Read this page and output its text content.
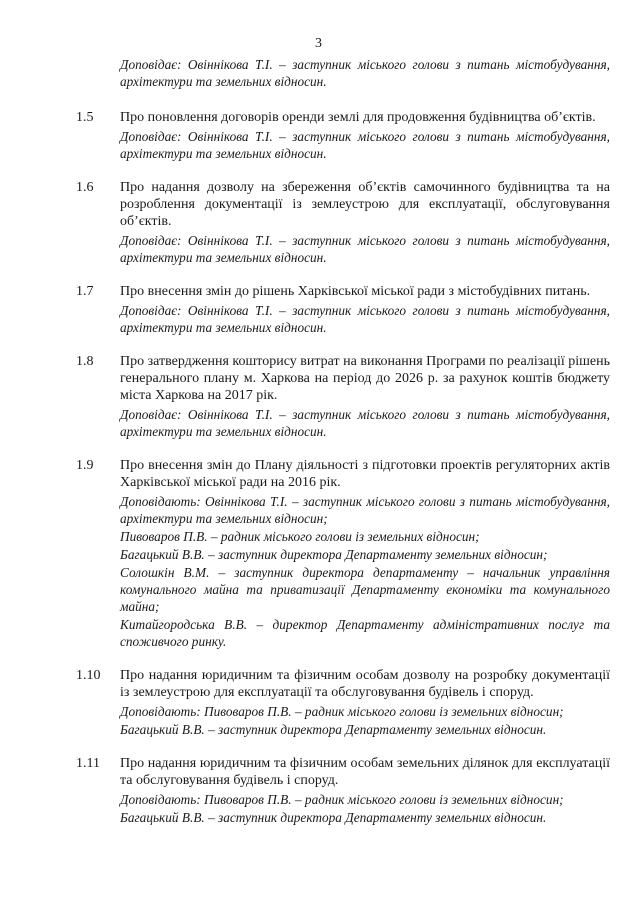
3

Доповідає: Овіннікова Т.І. – заступник міського голови з питань містобудування, архітектури та земельних відносин.

1.5 Про поновлення договорів оренди землі для продовження будівництва об’єктів.

Доповідає: Овіннікова Т.І. – заступник міського голови з питань містобудування, архітектури та земельних відносин.

1.6 Про надання дозволу на збереження об’єктів самочинного будівництва та на розроблення документації із землеустрою для експлуатації, обслуговування об’єктів.

Доповідає: Овіннікова Т.І. – заступник міського голови з питань містобудування, архітектури та земельних відносин.

1.7 Про внесення змін до рішень Харківської міської ради з містобудівних питань.

Доповідає: Овіннікова Т.І. – заступник міського голови з питань містобудування, архітектури та земельних відносин.

1.8 Про затвердження кошторису витрат на виконання Програми по реалізації рішень генерального плану м. Харкова на період до 2026 р. за рахунок коштів бюджету міста Харкова на 2017 рік.

Доповідає: Овіннікова Т.І. – заступник міського голови з питань містобудування, архітектури та земельних відносин.

1.9 Про внесення змін до Плану діяльності з підготовки проектів регуляторних актів Харківської міської ради на 2016 рік.

Доповідають: Овіннікова Т.І. – заступник міського голови з питань містобудування, архітектури та земельних відносин;

Пивоваров П.В. – радник міського голови із земельних відносин;

Багацький В.В. – заступник директора Департаменту земельних відносин;

Солошкін В.М. – заступник директора департаменту – начальник управління комунального майна та приватизації Департаменту економіки та комунального майна;

Китайгородська В.В. – директор Департаменту адміністративних послуг та споживчого ринку.

1.10 Про надання юридичним та фізичним особам дозволу на розробку документації із землеустрою для експлуатації та обслуговування будівель і споруд.

Доповідають: Пивоваров П.В. – радник міського голови із земельних відносин;

Багацький В.В. – заступник директора Департаменту земельних відносин.

1.11 Про надання юридичним та фізичним особам земельних ділянок для експлуатації та обслуговування будівель і споруд.

Доповідають: Пивоваров П.В. – радник міського голови із земельних відносин;

Багацький В.В. – заступник директора Департаменту земельних відносин.
